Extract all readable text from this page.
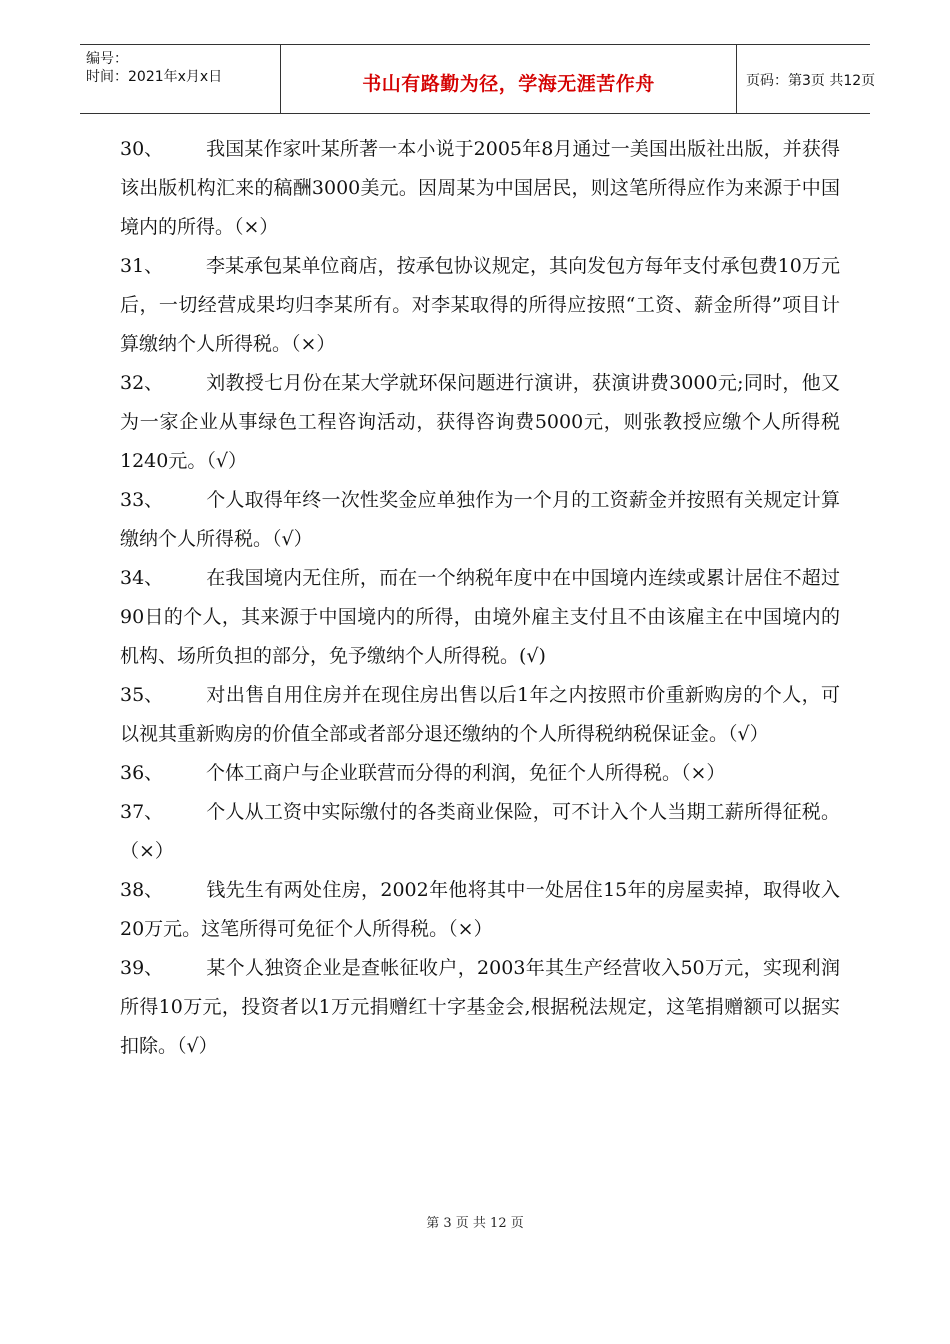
编号：
时间：2021年x月x日	书山有路勤为径，学海无涯苦作舟	页码：第3页 共12页

30、 我国某作家叶某所著一本小说于2005年8月通过一美国出版社出版，并获得该出版机构汇来的稿酬3000美元。因周某为中国居民，则这笔所得应作为来源于中国境内的所得。（×）

31、 李某承包某单位商店，按承包协议规定，其向发包方每年支付承包费10万元后，一切经营成果均归李某所有。对李某取得的所得应按照“工资、薪金所得”项目计算缴纳个人所得税。（×）

32、 刘教授七月份在某大学就环保问题进行演讲，获演讲费3000元;同时，他又为一家企业从事绿色工程咨询活动，获得咨询费5000元，则张教授应缴个人所得税1240元。（√）

33、 个人取得年终一次性奖金应单独作为一个月的工资薪金并按照有关规定计算缴纳个人所得税。（√）

34、 在我国境内无住所，而在一个纳税年度中在中国境内连续或累计居住不超过90日的个人，其来源于中国境内的所得，由境外雇主支付且不由该雇主在中国境内的机构、场所负担的部分，免予缴纳个人所得税。(√)

35、 对出售自用住房并在现住房出售以后1年之内按照市价重新购房的个人，可以视其重新购房的价值全部或者部分退还缴纳的个人所得税纳税保证金。（√）

36、 个体工商户与企业联营而分得的利润，免征个人所得税。（×）

37、 个人从工资中实际缴付的各类商业保险，可不计入个人当期工薪所得征税。（×）

38、 钱先生有两处住房，2002年他将其中一处居住15年的房屋卖掉，取得收入20万元。这笔所得可免征个人所得税。（×）

39、 某个人独资企业是查帐征收户，2003年其生产经营收入50万元，实现利润所得10万元，投资者以1万元捐赠红十字基金会,根据税法规定，这笔捐赠额可以据实扣除。（√）

第 3 页 共 12 页
